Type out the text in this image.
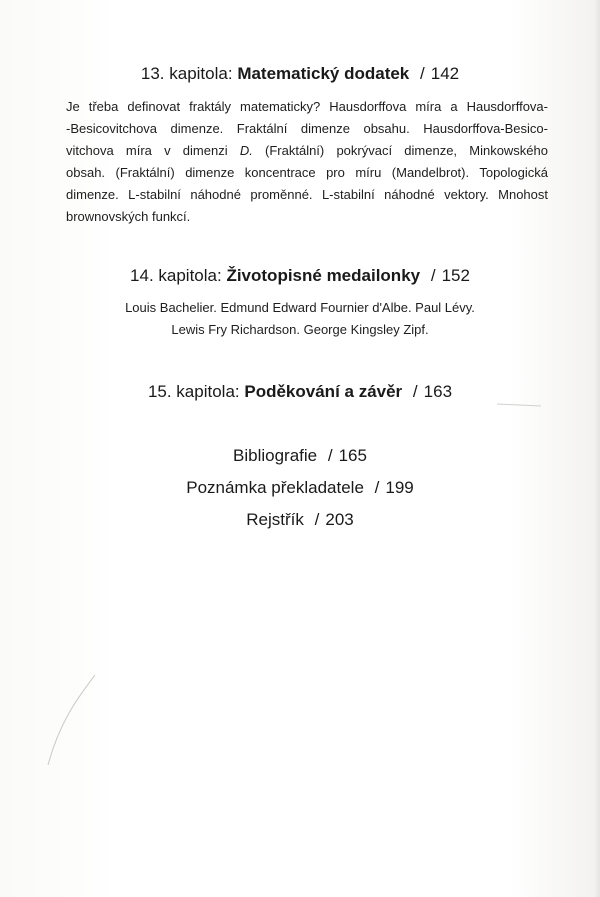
13. kapitola: Matematický dodatek / 142
Je třeba definovat fraktály matematicky? Hausdorffova míra a Hausdorffova-
-Besicovitchova dimenze. Fraktální dimenze obsahu. Hausdorffova-Besico-
vitchova míra v dimenzi D. (Fraktální) pokrývací dimenze, Minkowského
obsah. (Fraktální) dimenze koncentrace pro míru (Mandelbrot). Topologická
dimenze. L-stabilní náhodné proměnné. L-stabilní náhodné vektory. Mnohost
brownovských funkcí.
14. kapitola: Životopisné medailonky / 152
Louis Bachelier. Edmund Edward Fournier d'Albe. Paul Lévy.
Lewis Fry Richardson. George Kingsley Zipf.
15. kapitola: Poděkování a závěr / 163
Bibliografie / 165
Poznámka překladatele / 199
Rejstřík / 203
